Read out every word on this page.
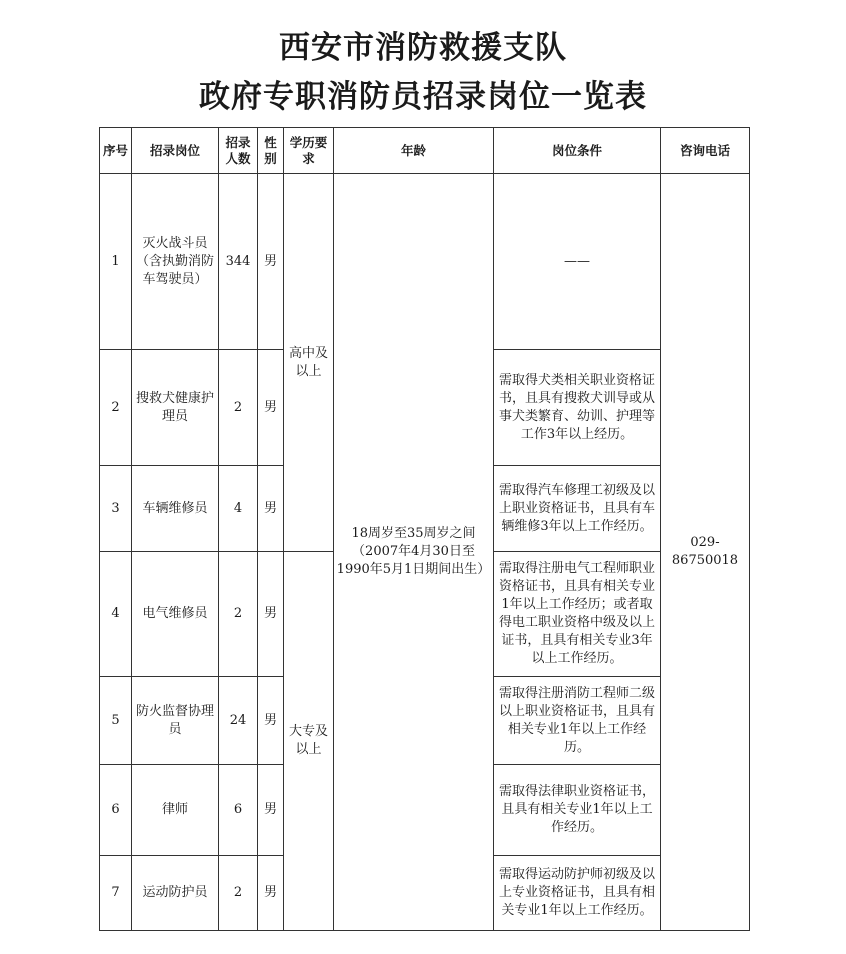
西安市消防救援支队
政府专职消防员招录岗位一览表
序号	招录岗位	招录人数	性别	学历要求	年龄	岗位条件	咨询电话
1	灭火战斗员（含执勤消防车驾驶员）	344	男	高中及以上	18周岁至35周岁之间
（2007年4月30日至1990年5月1日期间出生）	——	029-86750018
2	搜救犬健康护理员	2	男			需取得犬类相关职业资格证书，且具有搜救犬训导或从事犬类繁育、幼训、护理等工作3年以上经历。	
3	车辆维修员	4	男			需取得汽车修理工初级及以上职业资格证书，且具有车辆维修3年以上工作经历。	
4	电气维修员	2	男	大专及以上		需取得注册电气工程师职业资格证书，且具有相关专业1年以上工作经历；或者取得电工职业资格中级及以上证书，且具有相关专业3年以上工作经历。	
5	防火监督协理员	24	男			需取得注册消防工程师二级以上职业资格证书，且具有相关专业1年以上工作经历。	
6	律师	6	男			需取得法律职业资格证书，且具有相关专业1年以上工作经历。	
7	运动防护员	2	男			需取得运动防护师初级及以上专业资格证书，且具有相关专业1年以上工作经历。	
